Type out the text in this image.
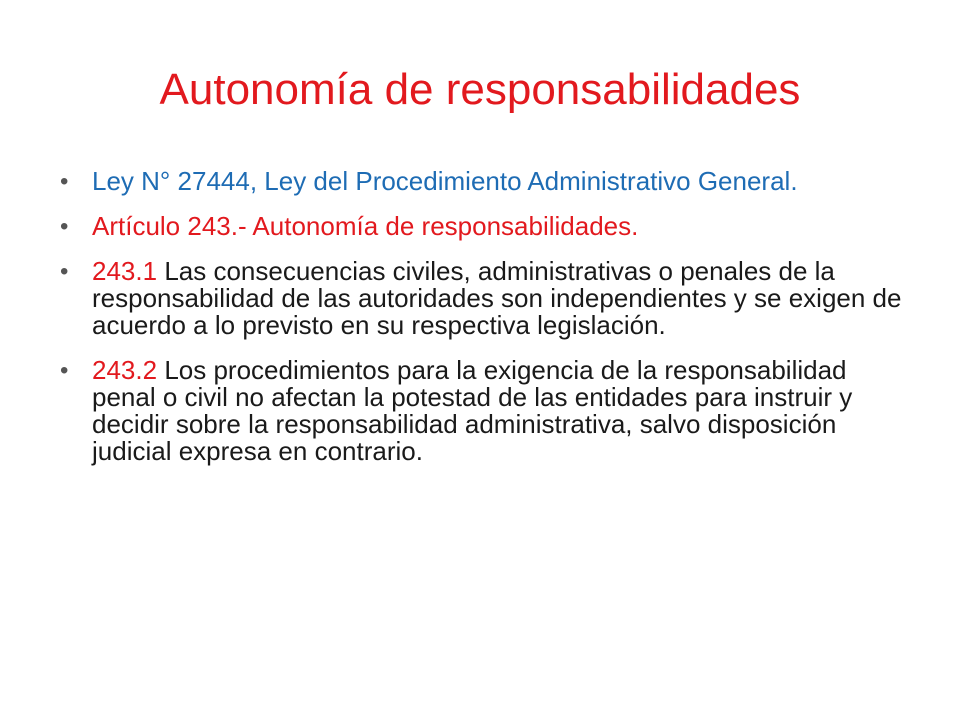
Autonomía de responsabilidades
• Ley N° 27444, Ley del Procedimiento Administrativo General.
• Artículo 243.- Autonomía de responsabilidades.
• 243.1 Las consecuencias civiles, administrativas o penales de la responsabilidad de las autoridades son independientes y se exigen de acuerdo a lo previsto en su respectiva legislación.
• 243.2 Los procedimientos para la exigencia de la responsabilidad penal o civil no afectan la potestad de las entidades para instruir y decidir sobre la responsabilidad administrativa, salvo disposición judicial expresa en contrario.
